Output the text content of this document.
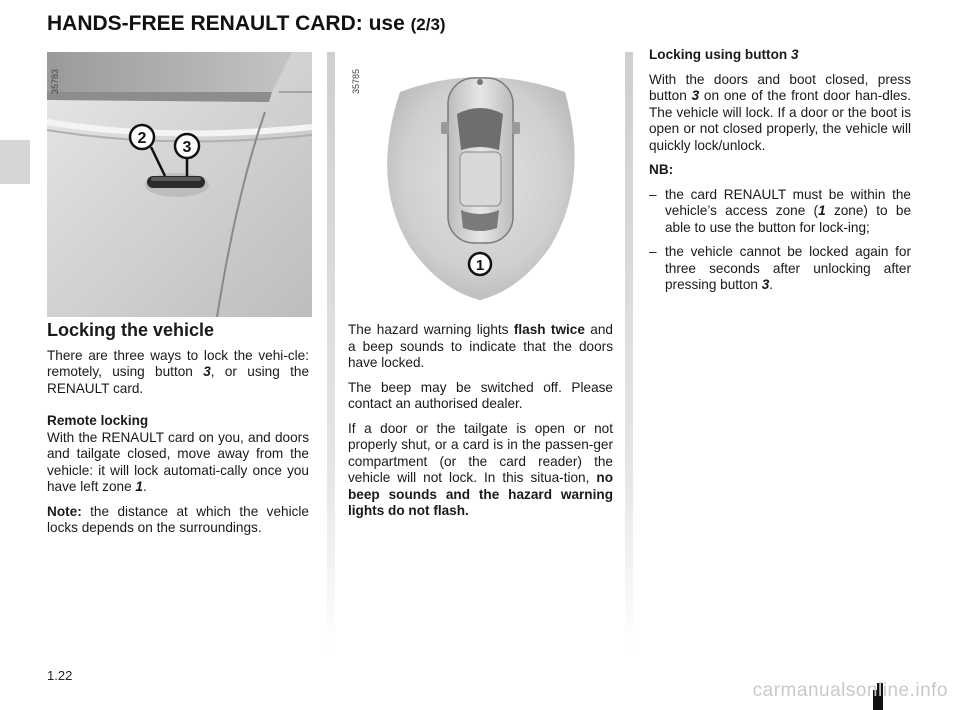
HANDS-FREE RENAULT CARD: use (2/3)
2
3
35783
1
35785
Locking the vehicle

There are three ways to lock the vehi-cle: remotely, using button 3, or using the RENAULT card.

Remote locking
With the RENAULT card on you, and doors and tailgate closed, move away from the vehicle: it will lock automati-cally once you have left zone 1.

Note: the distance at which the vehicle locks depends on the surroundings.

The hazard warning lights flash twice and a beep sounds to indicate that the doors have locked.

The beep may be switched off. Please contact an authorised dealer.

If a door or the tailgate is open or not properly shut, or a card is in the passen-ger compartment (or the card reader) the vehicle will not lock. In this situa-tion, no beep sounds and the hazard warning lights do not flash.

Locking using button 3

With the doors and boot closed, press button 3 on one of the front door han-dles. The vehicle will lock. If a door or the boot is open or not closed properly, the vehicle will quickly lock/unlock.

NB:

– the card RENAULT must be within the vehicle’s access zone (1 zone) to be able to use the button for lock-ing;
– the vehicle cannot be locked again for three seconds after unlocking after pressing button 3.
1.22
carmanualsonline.info
